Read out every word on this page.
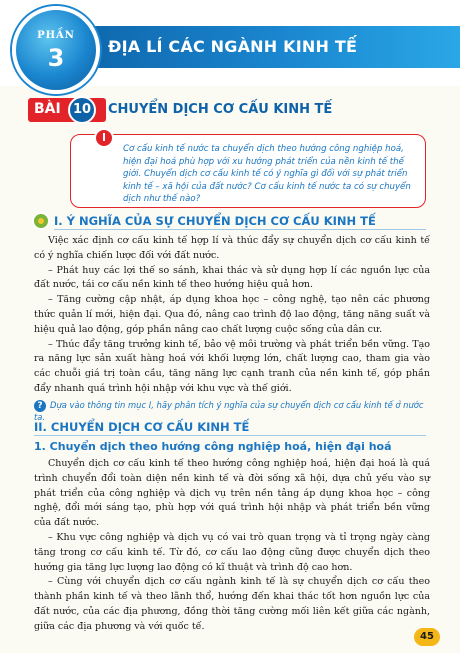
ĐỊA LÍ CÁC NGÀNH KINH TẾ
PHẦN
3
BÀI 10	CHUYỂN DỊCH CƠ CẤU KINH TẾ
Cơ cấu kinh tế nước ta chuyển dịch theo hướng công nghiệp hoá, hiện đại hoá phù hợp với xu hướng phát triển của nền kinh tế thế giới. Chuyển dịch cơ cấu kinh tế có ý nghĩa gì đối với sự phát triển kinh tế – xã hội của đất nước? Cơ cấu kinh tế nước ta có sự chuyển dịch như thế nào?
I. Ý NGHĨA CỦA SỰ CHUYỂN DỊCH CƠ CẤU KINH TẾ

Việc xác định cơ cấu kinh tế hợp lí và thúc đẩy sự chuyển dịch cơ cấu kinh tế có ý nghĩa chiến lược đối với đất nước.

– Phát huy các lợi thế so sánh, khai thác và sử dụng hợp lí các nguồn lực của đất nước, tái cơ cấu nền kinh tế theo hướng hiệu quả hơn.

– Tăng cường cập nhật, áp dụng khoa học – công nghệ, tạo nên các phương thức quản lí mới, hiện đại. Qua đó, nâng cao trình độ lao động, tăng năng suất và hiệu quả lao động, góp phần nâng cao chất lượng cuộc sống của dân cư.

– Thúc đẩy tăng trưởng kinh tế, bảo vệ môi trường và phát triển bền vững. Tạo ra năng lực sản xuất hàng hoá với khối lượng lớn, chất lượng cao, tham gia vào các chuỗi giá trị toàn cầu, tăng năng lực cạnh tranh của nền kinh tế, góp phần đẩy nhanh quá trình hội nhập với khu vực và thế giới.

? Dựa vào thông tin mục I, hãy phân tích ý nghĩa của sự chuyển dịch cơ cấu kinh tế ở nước ta.
II. CHUYỂN DỊCH CƠ CẤU KINH TẾ
1. Chuyển dịch theo hướng công nghiệp hoá, hiện đại hoá

Chuyển dịch cơ cấu kinh tế theo hướng công nghiệp hoá, hiện đại hoá là quá trình chuyển đổi toàn diện nền kinh tế và đời sống xã hội, dựa chủ yếu vào sự phát triển của công nghiệp và dịch vụ trên nền tảng áp dụng khoa học – công nghệ, đổi mới sáng tạo, phù hợp với quá trình hội nhập và phát triển bền vững của đất nước.

– Khu vực công nghiệp và dịch vụ có vai trò quan trọng và tỉ trọng ngày càng tăng trong cơ cấu kinh tế. Từ đó, cơ cấu lao động cũng được chuyển dịch theo hướng gia tăng lực lượng lao động có kĩ thuật và trình độ cao hơn.

– Cùng với chuyển dịch cơ cấu ngành kinh tế là sự chuyển dịch cơ cấu theo thành phần kinh tế và theo lãnh thổ, hướng đến khai thác tốt hơn nguồn lực của đất nước, của các địa phương, đồng thời tăng cường mối liên kết giữa các ngành, giữa các địa phương và với quốc tế.

45
